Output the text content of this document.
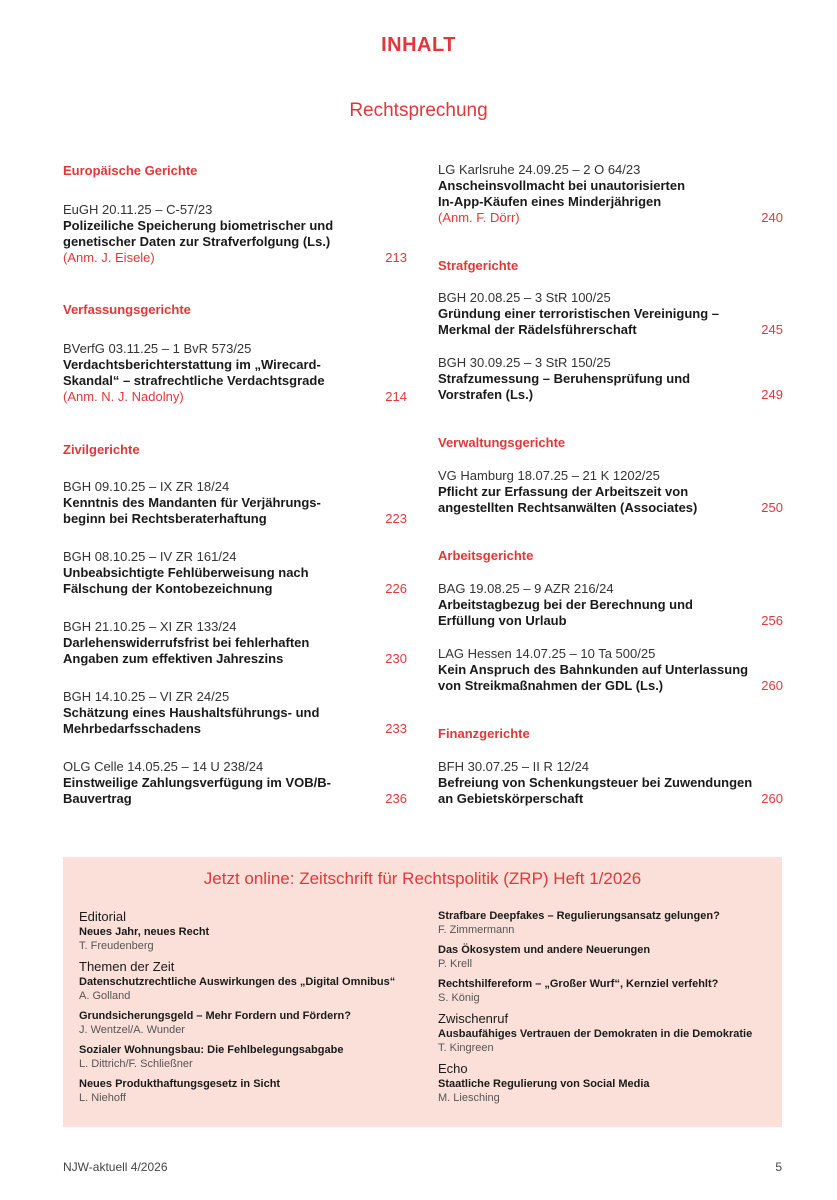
INHALT
Rechtsprechung
Europäische Gerichte
EuGH 20.11.25 – C-57/23
Polizeiliche Speicherung biometrischer und
genetischer Daten zur Strafverfolgung (Ls.)
(Anm. J. Eisele)	213
Verfassungsgerichte
BVerfG 03.11.25 – 1 BvR 573/25
Verdachtsberichterstattung im „Wirecard-
Skandal“ – strafrechtliche Verdachtsgrade
(Anm. N. J. Nadolny)	214
Zivilgerichte
BGH 09.10.25 – IX ZR 18/24
Kenntnis des Mandanten für Verjährungs-
beginn bei Rechtsberaterhaftung	223
BGH 08.10.25 – IV ZR 161/24
Unbeabsichtigte Fehlüberweisung nach
Fälschung der Kontobezeichnung	226
BGH 21.10.25 – XI ZR 133/24
Darlehenswiderrufsfrist bei fehlerhaften
Angaben zum effektiven Jahreszins	230
BGH 14.10.25 – VI ZR 24/25
Schätzung eines Haushaltsführungs- und
Mehrbedarfsschadens	233
OLG Celle 14.05.25 – 14 U 238/24
Einstweilige Zahlungsverfügung im VOB/B-
Bauvertrag	236
LG Karlsruhe 24.09.25 – 2 O 64/23
Anscheinsvollmacht bei unautorisierten
In-App-Käufen eines Minderjährigen
(Anm. F. Dörr)	240
Strafgerichte
BGH 20.08.25 – 3 StR 100/25
Gründung einer terroristischen Vereinigung –
Merkmal der Rädelsführerschaft	245
BGH 30.09.25 – 3 StR 150/25
Strafzumessung – Beruhensprüfung und
Vorstrafen (Ls.)	249
Verwaltungsgerichte
VG Hamburg 18.07.25 – 21 K 1202/25
Pflicht zur Erfassung der Arbeitszeit von
angestellten Rechtsanwälten (Associates)	250
Arbeitsgerichte
BAG 19.08.25 – 9 AZR 216/24
Arbeitstagbezug bei der Berechnung und
Erfüllung von Urlaub	256
LAG Hessen 14.07.25 – 10 Ta 500/25
Kein Anspruch des Bahnkunden auf Unterlassung
von Streikmaßnahmen der GDL (Ls.)	260
Finanzgerichte
BFH 30.07.25 – II R 12/24
Befreiung von Schenkungsteuer bei Zuwendungen
an Gebietskörperschaft	260
Jetzt online: Zeitschrift für Rechtspolitik (ZRP) Heft 1/2026
Editorial
Neues Jahr, neues Recht
T. Freudenberg
Themen der Zeit
Datenschutzrechtliche Auswirkungen des „Digital Omnibus“
A. Golland
Grundsicherungsgeld – Mehr Fordern und Fördern?
J. Wentzel/A. Wunder
Sozialer Wohnungsbau: Die Fehlbelegungsabgabe
L. Dittrich/F. Schließner
Neues Produkthaftungsgesetz in Sicht
L. Niehoff
Strafbare Deepfakes – Regulierungsansatz gelungen?
F. Zimmermann
Das Ökosystem und andere Neuerungen
P. Krell
Rechtshilfereform – „Großer Wurf“, Kernziel verfehlt?
S. König
Zwischenruf
Ausbaufähiges Vertrauen der Demokraten in die Demokratie
T. Kingreen
Echo
Staatliche Regulierung von Social Media
M. Liesching
NJW-aktuell 4/2026	5
